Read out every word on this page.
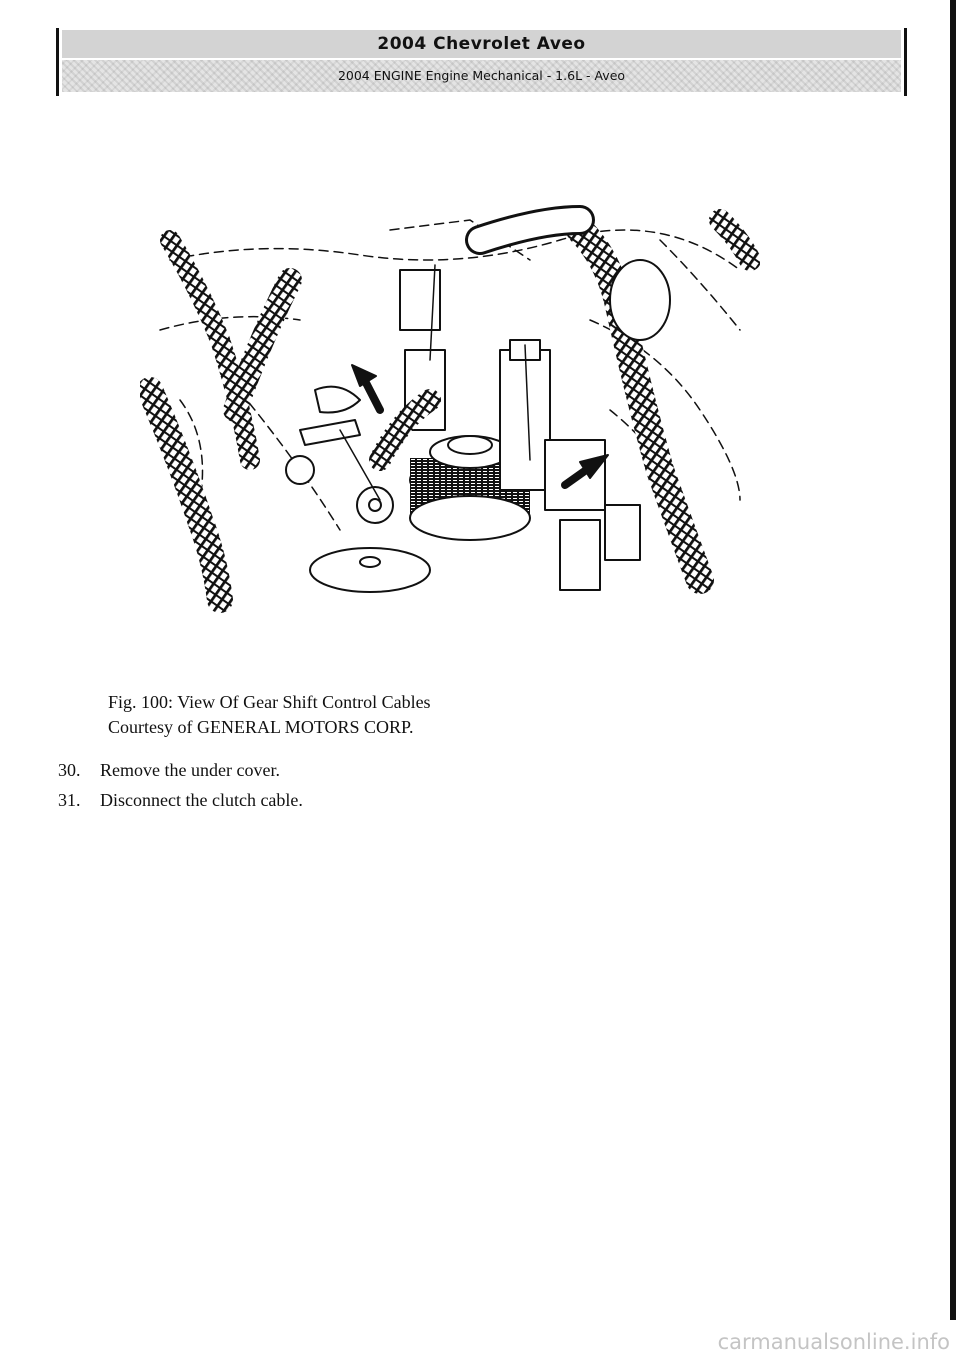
2004 Chevrolet Aveo
2004 ENGINE Engine Mechanical - 1.6L - Aveo
Fig. 100: View Of Gear Shift Control Cables
Courtesy of GENERAL MOTORS CORP.
30.	Remove the under cover.
31.	Disconnect the clutch cable.
carmanualsonline.info
